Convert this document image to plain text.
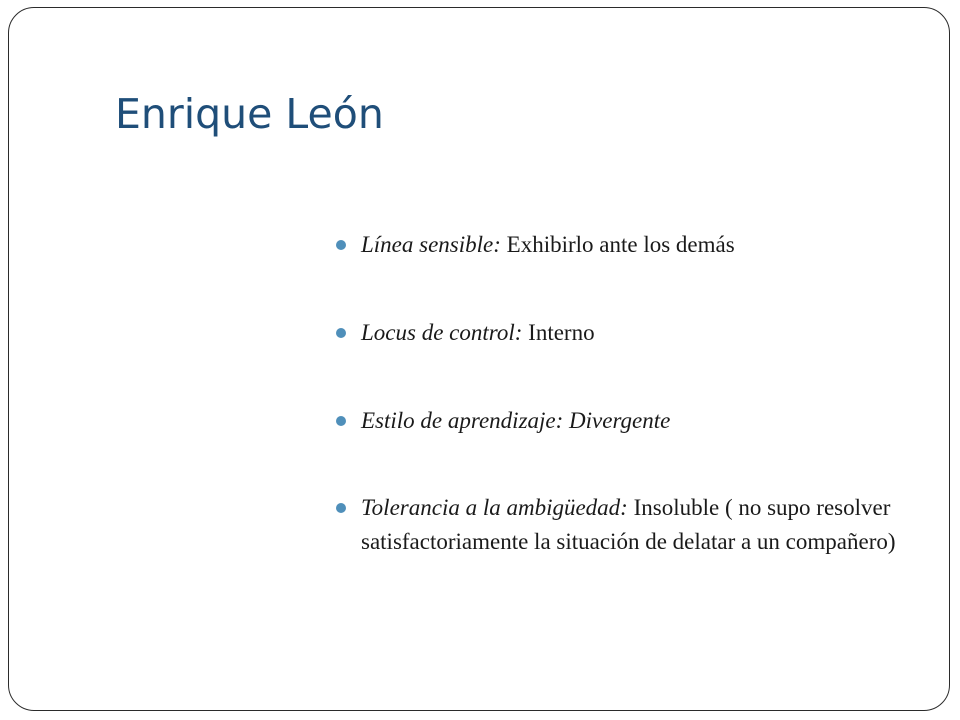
Enrique León
Línea sensible: Exhibirlo ante los demás
Locus de control: Interno
Estilo de aprendizaje: Divergente
Tolerancia a la ambigüedad: Insoluble ( no supo resolver satisfactoriamente la situación de delatar a un compañero)
